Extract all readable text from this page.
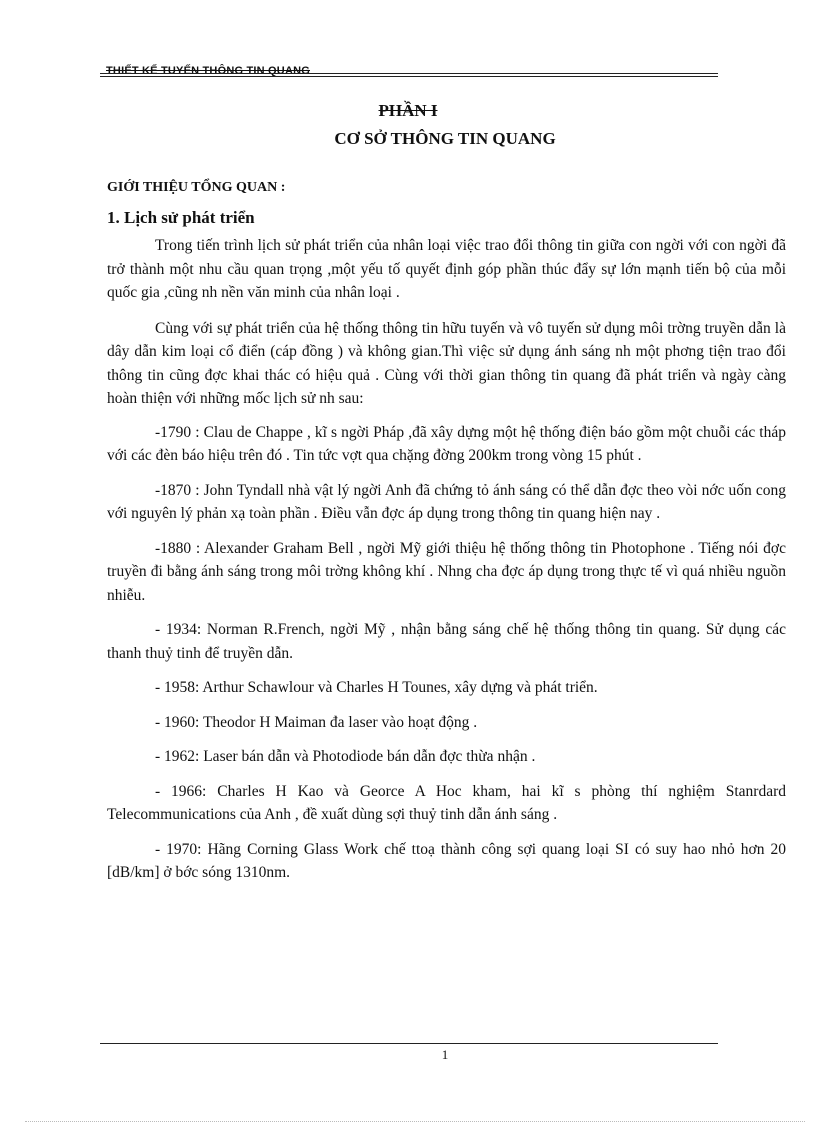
THIẾT KẾ TUYẾN THÔNG TIN QUANG
PHẦN I
CƠ SỞ THÔNG TIN QUANG
GIỚI THIỆU TỔNG QUAN :
1. Lịch sử phát triển

Trong tiến trình lịch sử phát triển của nhân loại việc trao đổi thông tin giữa con ngời với con ngời đã trở thành một nhu cầu quan trọng ,một yếu tố quyết định góp phần thúc đẩy sự lớn mạnh tiến bộ của mỗi quốc gia ,cũng nh nền văn minh của nhân loại .

Cùng với sự phát triển của hệ thống thông tin hữu tuyến và vô tuyến sử dụng môi trờng truyền dẫn là dây dẫn kim loại cổ điển (cáp đồng ) và không gian.Thì việc sử dụng ánh sáng nh một phơng tiện trao đổi thông tin cũng đợc khai thác có hiệu quả . Cùng với thời gian thông tin quang đã phát triển và ngày càng hoàn thiện với những mốc lịch sử nh sau:

-1790 : Clau de Chappe , kĩ s ngời Pháp ,đã xây dựng một hệ thống điện báo gồm một chuỗi các tháp với các đèn báo hiệu trên đó . Tin tức vợt qua chặng đờng 200km trong vòng 15 phút .

-1870 : John Tyndall nhà vật lý ngời Anh đã chứng tỏ ánh sáng có thể dẫn đợc theo vòi nớc uốn cong với nguyên lý phản xạ toàn phần . Điều vẫn đợc áp dụng trong thông tin quang hiện nay .

-1880 : Alexander Graham Bell , ngời Mỹ giới thiệu hệ thống thông tin Photophone . Tiếng nói đợc truyền đi bằng ánh sáng trong môi trờng không khí . Nhng cha đợc áp dụng trong thực tế vì quá nhiều nguồn nhiễu.

- 1934: Norman R.French, ngời Mỹ , nhận bằng sáng chế hệ thống thông tin quang. Sử dụng các thanh thuỷ tinh để truyền dẫn.

- 1958: Arthur Schawlour và Charles H Tounes, xây dựng và phát triển.

- 1960: Theodor H Maiman đa laser vào hoạt động .

- 1962: Laser bán dẫn và Photodiode bán dẫn đợc thừa nhận .

- 1966: Charles H Kao và Georce A Hoc kham, hai kĩ s phòng thí nghiệm Stanrdard Telecommunications của Anh , đề xuất dùng sợi thuỷ tinh dẫn ánh sáng .

- 1970: Hãng Corning Glass Work chế ttoạ thành công sợi quang loại SI có suy hao nhỏ hơn 20 [dB/km] ở bớc sóng 1310nm.

1
